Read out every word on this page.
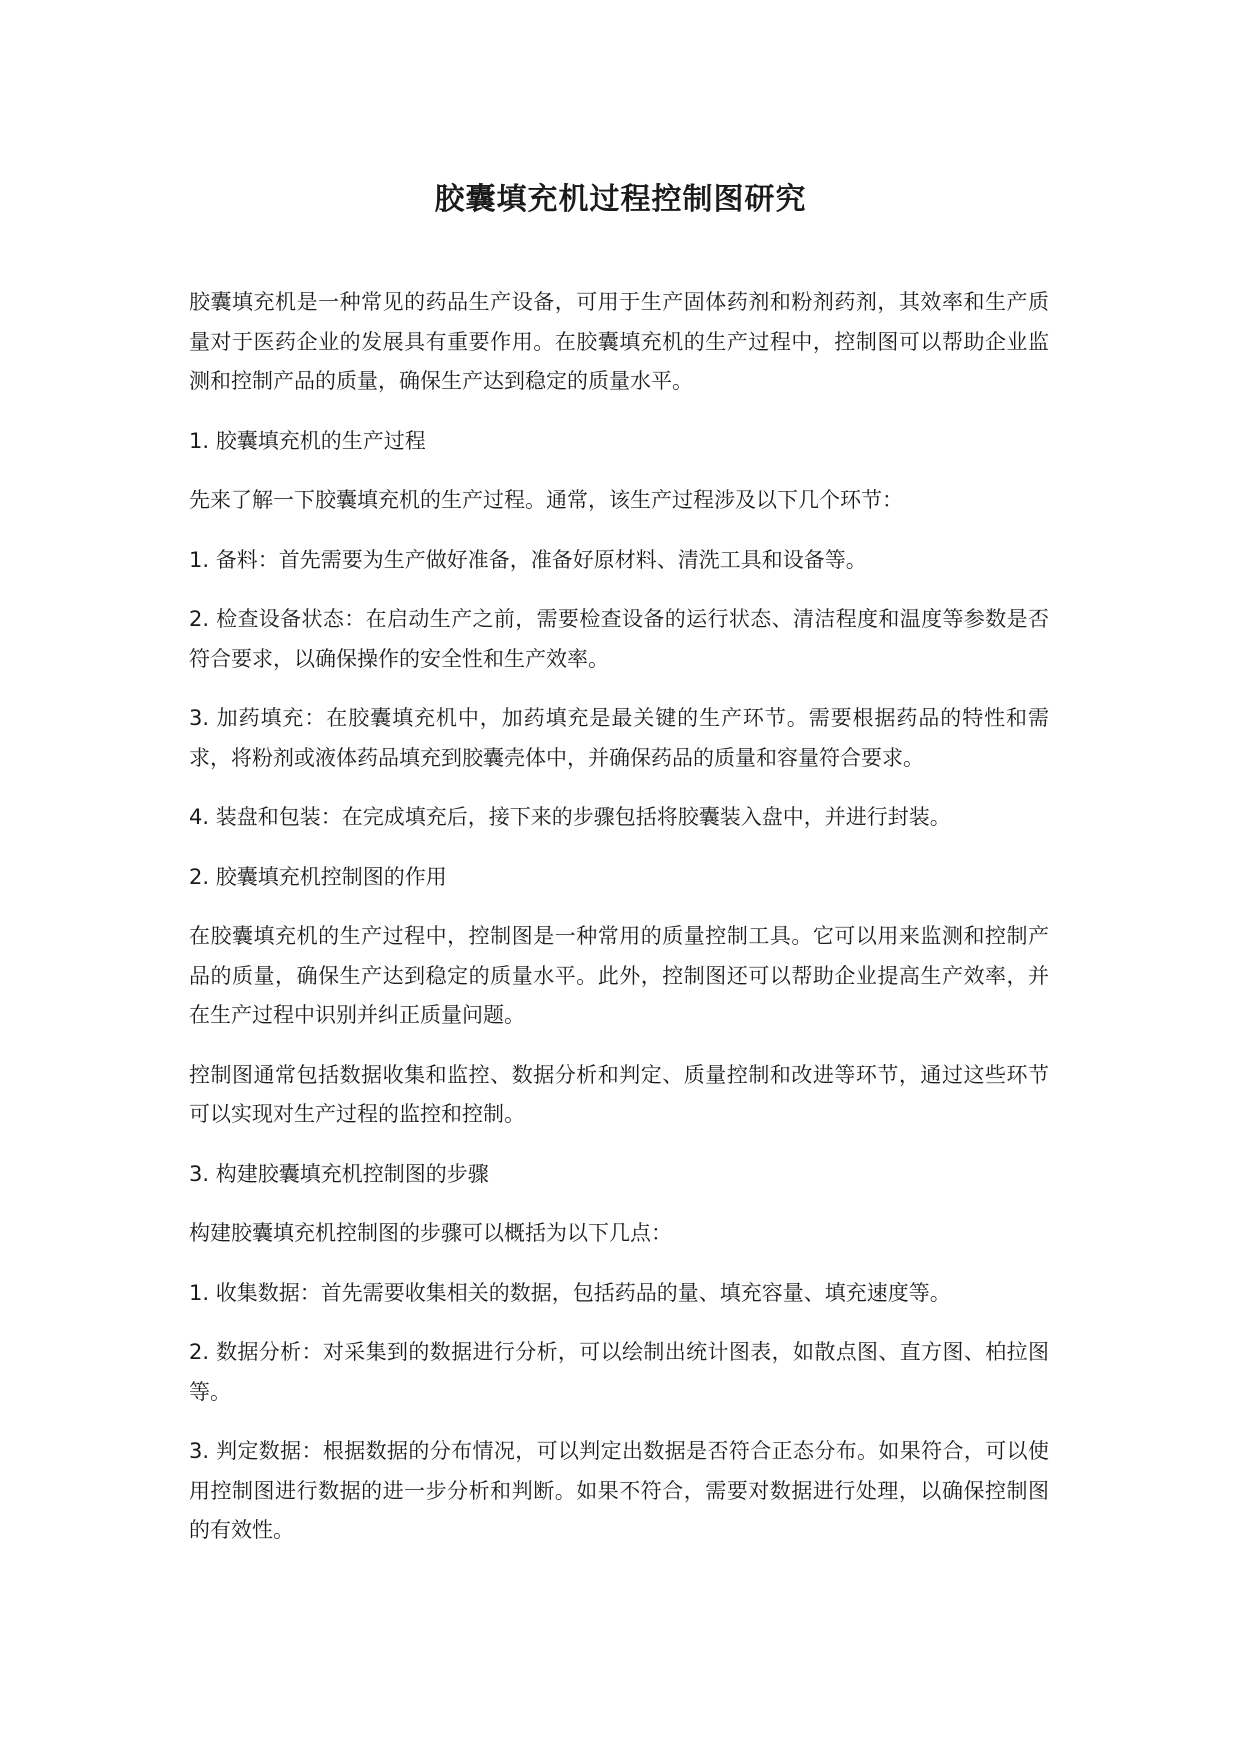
胶囊填充机过程控制图研究

胶囊填充机是一种常见的药品生产设备，可用于生产固体药剂和粉剂药剂，其效率和生产质量对于医药企业的发展具有重要作用。在胶囊填充机的生产过程中，控制图可以帮助企业监测和控制产品的质量，确保生产达到稳定的质量水平。

1. 胶囊填充机的生产过程

先来了解一下胶囊填充机的生产过程。通常，该生产过程涉及以下几个环节：

1. 备料：首先需要为生产做好准备，准备好原材料、清洗工具和设备等。

2. 检查设备状态：在启动生产之前，需要检查设备的运行状态、清洁程度和温度等参数是否符合要求，以确保操作的安全性和生产效率。

3. 加药填充：在胶囊填充机中，加药填充是最关键的生产环节。需要根据药品的特性和需求，将粉剂或液体药品填充到胶囊壳体中，并确保药品的质量和容量符合要求。

4. 装盘和包装：在完成填充后，接下来的步骤包括将胶囊装入盘中，并进行封装。

2. 胶囊填充机控制图的作用

在胶囊填充机的生产过程中，控制图是一种常用的质量控制工具。它可以用来监测和控制产品的质量，确保生产达到稳定的质量水平。此外，控制图还可以帮助企业提高生产效率，并在生产过程中识别并纠正质量问题。

控制图通常包括数据收集和监控、数据分析和判定、质量控制和改进等环节，通过这些环节可以实现对生产过程的监控和控制。

3. 构建胶囊填充机控制图的步骤

构建胶囊填充机控制图的步骤可以概括为以下几点：

1. 收集数据：首先需要收集相关的数据，包括药品的量、填充容量、填充速度等。

2. 数据分析：对采集到的数据进行分析，可以绘制出统计图表，如散点图、直方图、柏拉图等。

3. 判定数据：根据数据的分布情况，可以判定出数据是否符合正态分布。如果符合，可以使用控制图进行数据的进一步分析和判断。如果不符合，需要对数据进行处理，以确保控制图的有效性。
